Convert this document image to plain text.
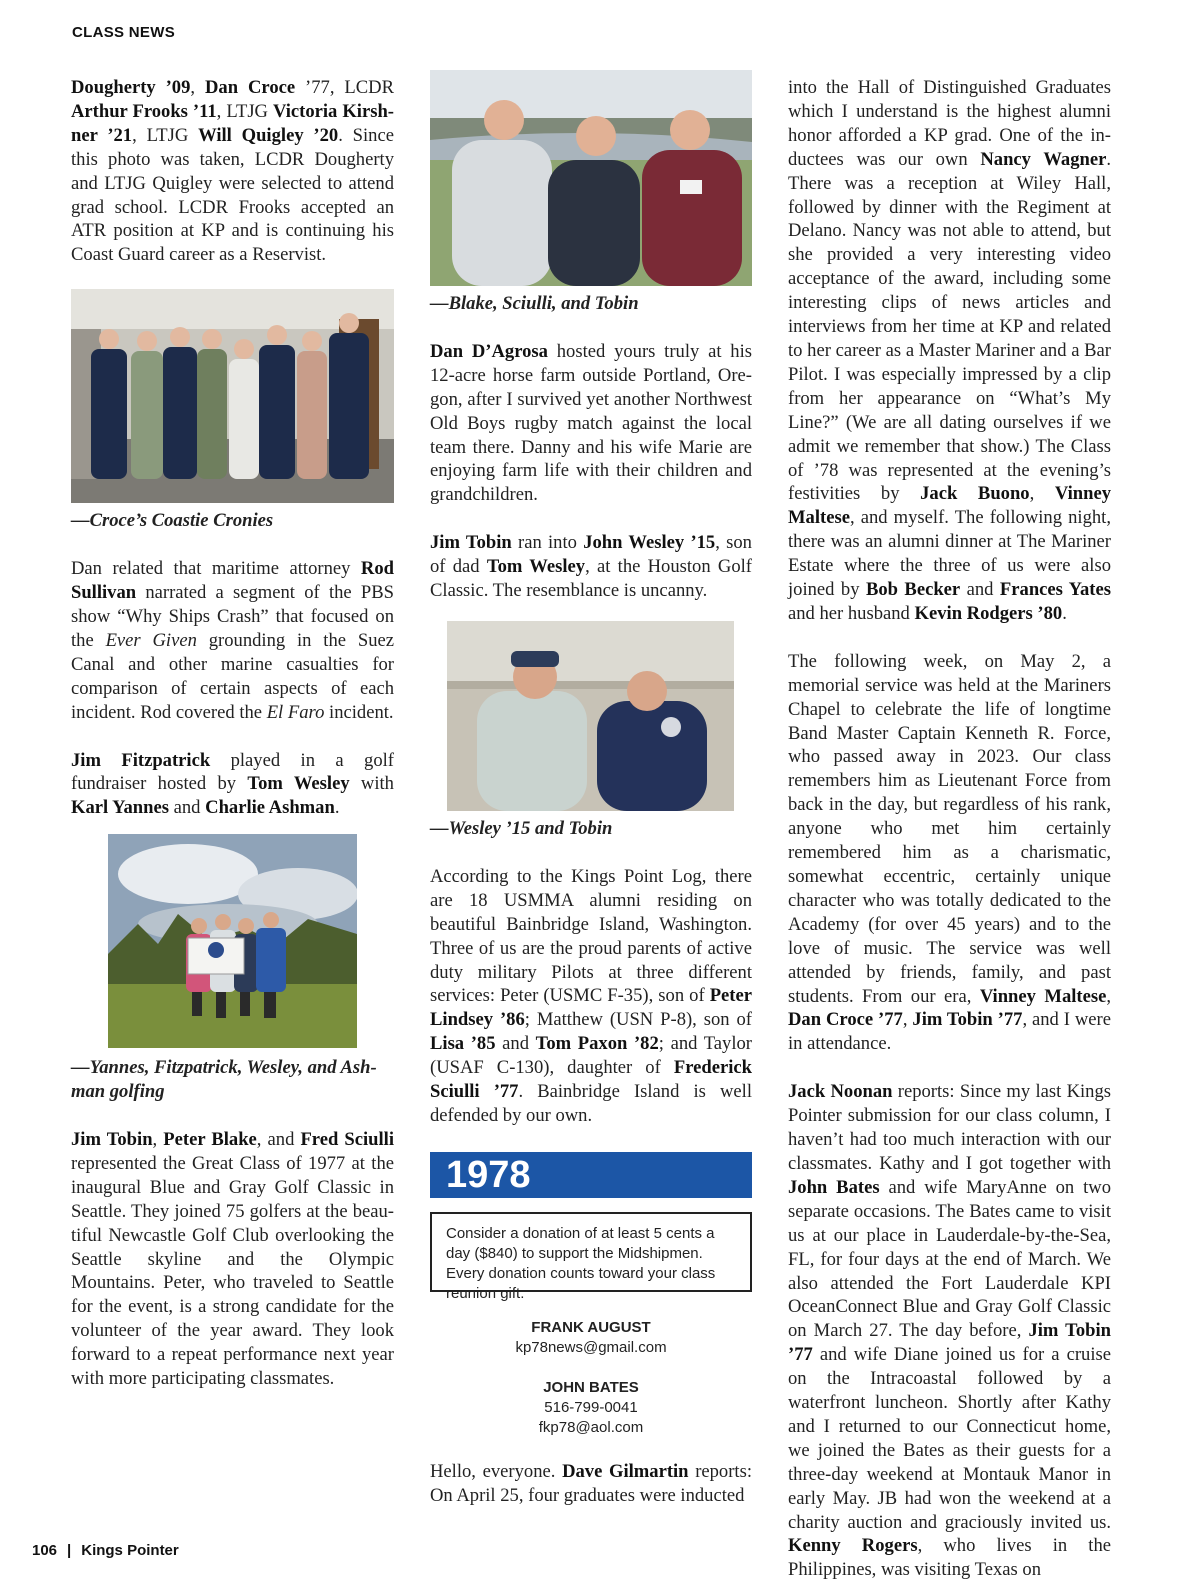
CLASS NEWS

Dougherty ’09, Dan Croce ’77, LCDR Arthur Frooks ’11, LTJG Victoria Kirshner ’21, LTJG Will Quigley ’20. Since this photo was taken, LCDR Dougherty and LTJG Quigley were selected to attend grad school. LCDR Frooks accepted an ATR position at KP and is continuing his Coast Guard career as a Reservist.

—Croce’s Coastie Cronies

Dan related that maritime attorney Rod Sullivan narrated a segment of the PBS show “Why Ships Crash” that focused on the Ever Given grounding in the Suez Canal and other marine casualties for comparison of certain aspects of each incident. Rod covered the El Faro incident.

Jim Fitzpatrick played in a golf fundraiser hosted by Tom Wesley with Karl Yannes and Charlie Ashman.

—Yannes, Fitzpatrick, Wesley, and Ashman golfing

Jim Tobin, Peter Blake, and Fred Sciulli represented the Great Class of 1977 at the inaugural Blue and Gray Golf Classic in Seattle. They joined 75 golfers at the beautiful Newcastle Golf Club overlooking the Seattle skyline and the Olympic Mountains. Peter, who traveled to Seattle for the event, is a strong candidate for the volunteer of the year award. They look forward to a repeat performance next year with more participating classmates.

—Blake, Sciulli, and Tobin

Dan D’Agrosa hosted yours truly at his 12-acre horse farm outside Portland, Oregon, after I survived yet another Northwest Old Boys rugby match against the local team there. Danny and his wife Marie are enjoying farm life with their children and grandchildren.

Jim Tobin ran into John Wesley ’15, son of dad Tom Wesley, at the Houston Golf Classic. The resemblance is uncanny.

—Wesley ’15 and Tobin

According to the Kings Point Log, there are 18 USMMA alumni residing on beautiful Bainbridge Island, Washington. Three of us are the proud parents of active duty military Pilots at three different services: Peter (USMC F-35), son of Peter Lindsey ’86; Matthew (USN P-8), son of Lisa ’85 and Tom Paxon ’82; and Taylor (USAF C-130), daughter of Frederick Sciulli ’77. Bainbridge Island is well defended by our own.

1978
Consider a donation of at least 5 cents a day ($840) to support the Midshipmen. Every donation counts toward your class reunion gift.
FRANK AUGUST
kp78news@gmail.com
JOHN BATES
516-799-0041
fkp78@aol.com

Hello, everyone. Dave Gilmartin reports: On April 25, four graduates were inducted

into the Hall of Distinguished Graduates which I understand is the highest alumni honor afforded a KP grad. One of the inductees was our own Nancy Wagner. There was a reception at Wiley Hall, followed by dinner with the Regiment at Delano. Nancy was not able to attend, but she provided a very interesting video acceptance of the award, including some interesting clips of news articles and interviews from her time at KP and related to her career as a Master Mariner and a Bar Pilot. I was especially impressed by a clip from her appearance on “What’s My Line?” (We are all dating ourselves if we admit we remember that show.) The Class of ’78 was represented at the evening’s festivities by Jack Buono, Vinney Maltese, and myself. The following night, there was an alumni dinner at The Mariner Estate where the three of us were also joined by Bob Becker and Frances Yates and her husband Kevin Rodgers ’80.

The following week, on May 2, a memorial service was held at the Mariners Chapel to celebrate the life of longtime Band Master Captain Kenneth R. Force, who passed away in 2023. Our class remembers him as Lieutenant Force from back in the day, but regardless of his rank, anyone who met him certainly remembered him as a charismatic, somewhat eccentric, certainly unique character who was totally dedicated to the Academy (for over 45 years) and to the love of music. The service was well attended by friends, family, and past students. From our era, Vinney Maltese, Dan Croce ’77, Jim Tobin ’77, and I were in attendance.

Jack Noonan reports: Since my last Kings Pointer submission for our class column, I haven’t had too much interaction with our classmates. Kathy and I got together with John Bates and wife MaryAnne on two separate occasions. The Bates came to visit us at our place in Lauderdale-by-the-Sea, FL, for four days at the end of March. We also attended the Fort Lauderdale KPI OceanConnect Blue and Gray Golf Classic on March 27. The day before, Jim Tobin ’77 and wife Diane joined us for a cruise on the Intracoastal followed by a waterfront luncheon. Shortly after Kathy and I returned to our Connecticut home, we joined the Bates as their guests for a three-day weekend at Montauk Manor in early May. JB had won the weekend at a charity auction and graciously invited us. Kenny Rogers, who lives in the Philippines, was visiting Texas on

106 | Kings Pointer
